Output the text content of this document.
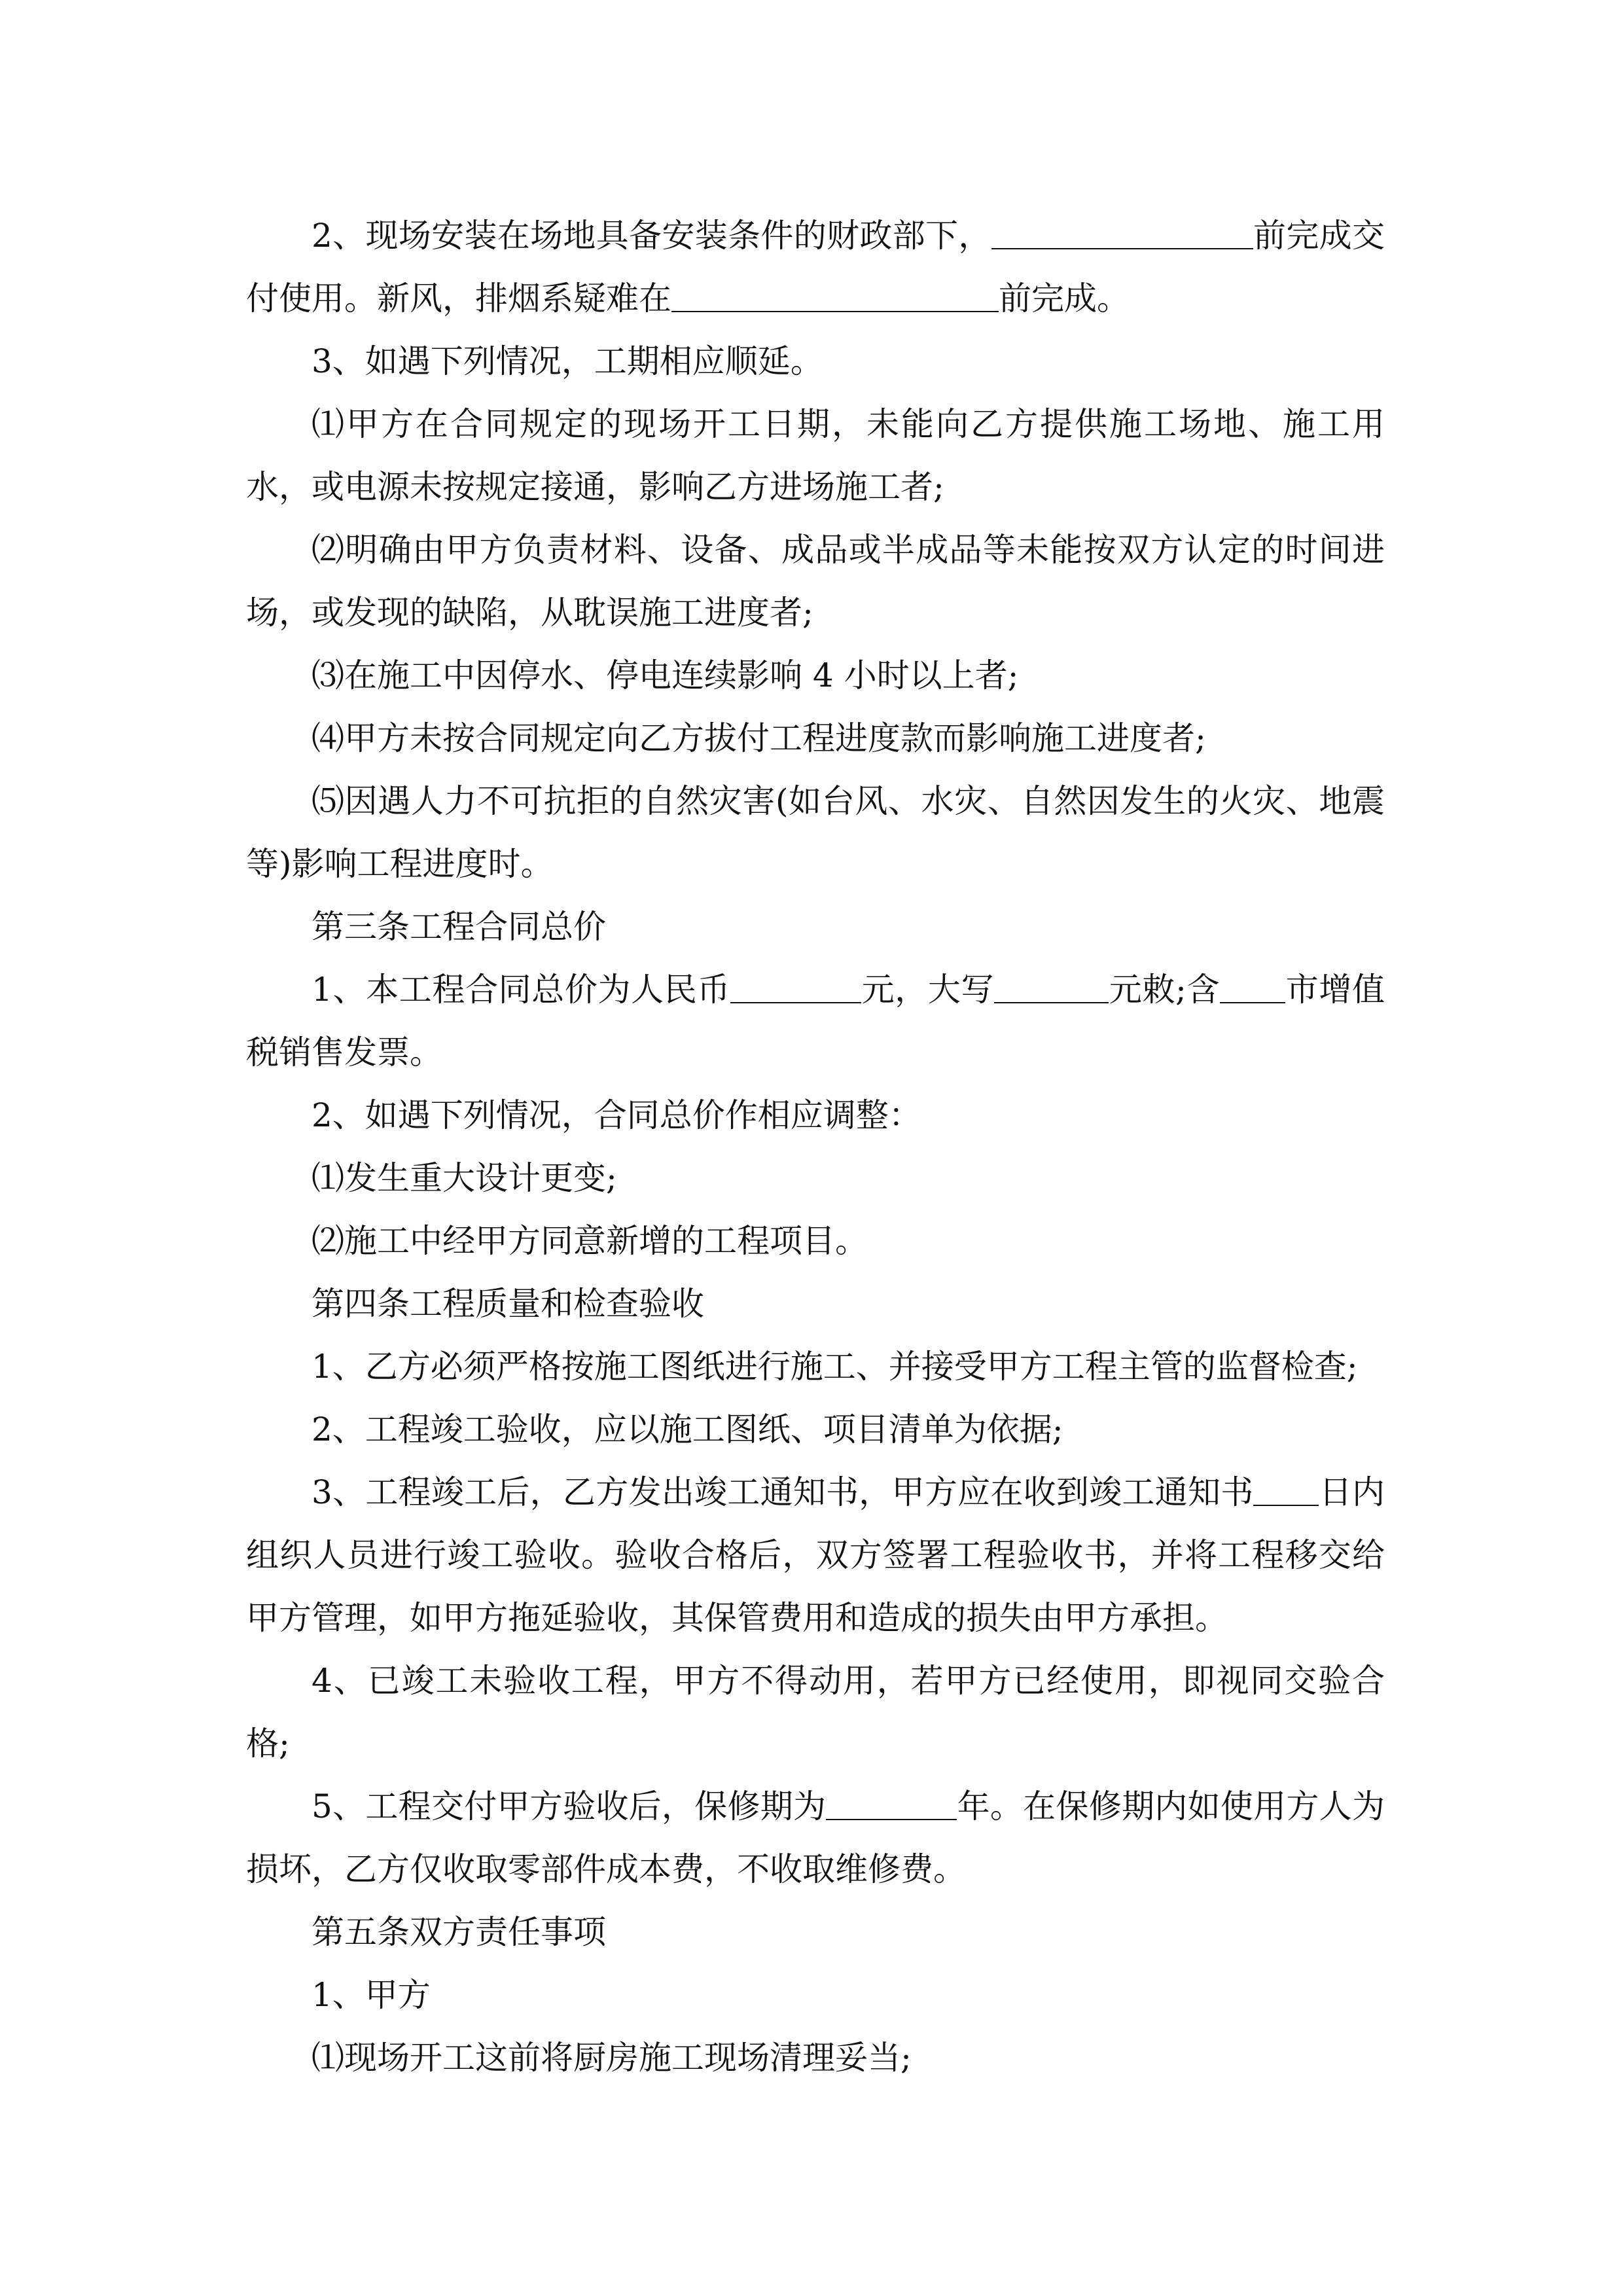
2、现场安装在场地具备安装条件的财政部下，	前完成交付使用。新风，排烟系疑难在	前完成。

3、如遇下列情况，工期相应顺延。

⑴甲方在合同规定的现场开工日期，未能向乙方提供施工场地、施工用水，或电源未按规定接通，影响乙方进场施工者;

⑵明确由甲方负责材料、设备、成品或半成品等未能按双方认定的时间进场，或发现的缺陷，从耽误施工进度者;

⑶在施工中因停水、停电连续影响 4 小时以上者;

⑷甲方未按合同规定向乙方拔付工程进度款而影响施工进度者;

⑸因遇人力不可抗拒的自然灾害(如台风、水灾、自然因发生的火灾、地震等)影响工程进度时。

第三条工程合同总价

1、本工程合同总价为人民币	元，大写	元敕;含 市增值税销售发票。

2、如遇下列情况，合同总价作相应调整：

⑴发生重大设计更变;

⑵施工中经甲方同意新增的工程项目。

第四条工程质量和检查验收

1、乙方必须严格按施工图纸进行施工、并接受甲方工程主管的监督检查;

2、工程竣工验收，应以施工图纸、项目清单为依据;

3、工程竣工后，乙方发出竣工通知书，甲方应在收到竣工通知书 日内组织人员进行竣工验收。验收合格后，双方签署工程验收书，并将工程移交给甲方管理，如甲方拖延验收，其保管费用和造成的损失由甲方承担。

4、已竣工未验收工程，甲方不得动用，若甲方已经使用，即视同交验合格;

5、工程交付甲方验收后，保修期为	年。在保修期内如使用方人为损坏，乙方仅收取零部件成本费，不收取维修费。

第五条双方责任事项

1、甲方

⑴现场开工这前将厨房施工现场清理妥当;
